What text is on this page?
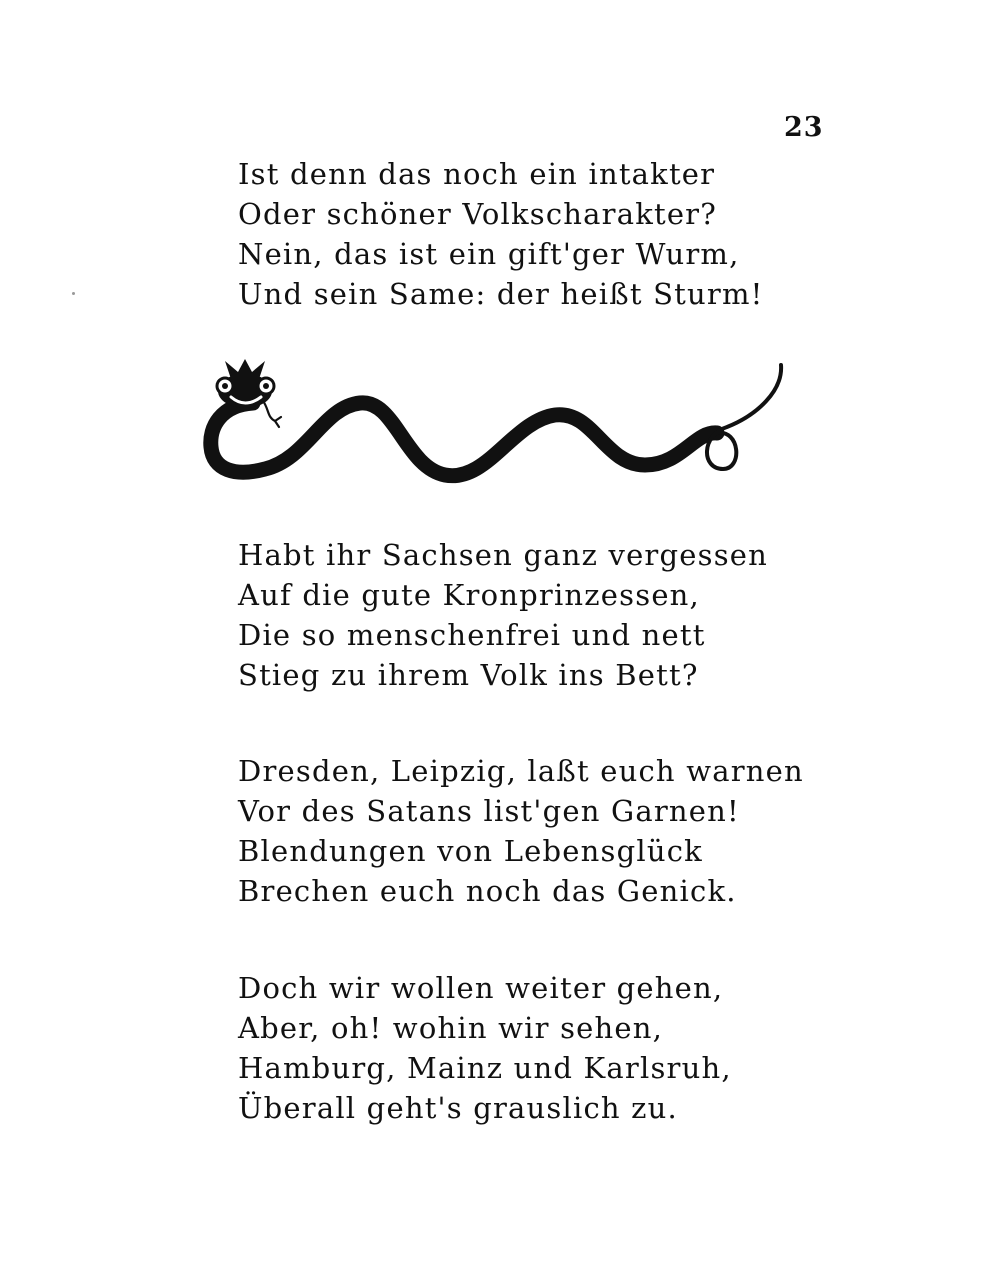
23
Ist denn das noch ein intakter
Oder schöner Volkscharakter?
Nein, das ist ein gift'ger Wurm,
Und sein Same: der heißt Sturm!
Habt ihr Sachsen ganz vergessen
Auf die gute Kronprinzessen,
Die so menschenfrei und nett
Stieg zu ihrem Volk ins Bett?
Dresden, Leipzig, laßt euch warnen
Vor des Satans list'gen Garnen!
Blendungen von Lebensglück
Brechen euch noch das Genick.
Doch wir wollen weiter gehen,
Aber, oh! wohin wir sehen,
Hamburg, Mainz und Karlsruh,
Überall geht's grauslich zu.
